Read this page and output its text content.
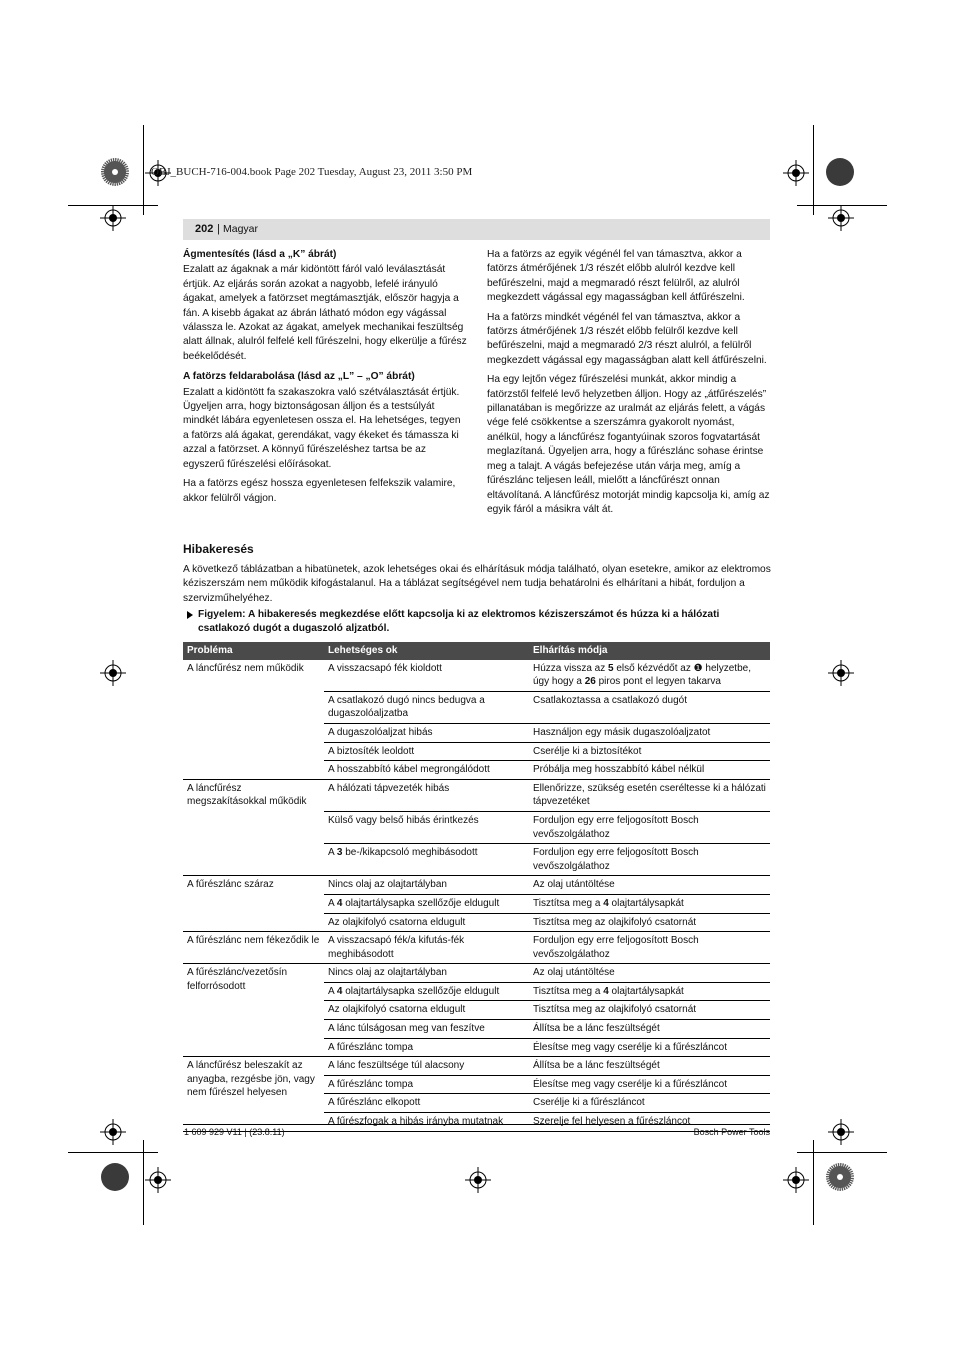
OBJ_BUCH-716-004.book Page 202 Tuesday, August 23, 2011 3:50 PM
202 | Magyar
Ágmentesítés (lásd a „K” ábrát)

Ezalatt az ágaknak a már kidöntött fáról való leválasztását értjük. Az eljárás során azokat a nagyobb, lefelé irányuló ágakat, amelyek a fatörzset megtámasztják, először hagyja a fán. A kisebb ágakat az ábrán látható módon egy vágással válassza le. Azokat az ágakat, amelyek mechanikai feszültség alatt állnak, alulról felfelé kell fűrészelni, hogy elkerülje a fűrész beékelődését.

A fatörzs feldarabolása (lásd az „L” – „O” ábrát)

Ezalatt a kidöntött fa szakaszokra való szétválasztását értjük. Ügyeljen arra, hogy biztonságosan álljon és a testsúlyát mindkét lábára egyenletesen ossza el. Ha lehetséges, tegyen a fatörzs alá ágakat, gerendákat, vagy ékeket és támassza ki azzal a fatörzset. A könnyű fűrészeléshez tartsa be az egyszerű fűrészelési előírásokat.

Ha a fatörzs egész hossza egyenletesen felfekszik valamire, akkor felülről vágjon.

Ha a fatörzs az egyik végénél fel van támasztva, akkor a fatörzs átmérőjének 1/3 részét előbb alulról kezdve kell befűrészelni, majd a megmaradó részt felülről, az alulról megkezdett vágással egy magasságban kell átfűrészelni.

Ha a fatörzs mindkét végénél fel van támasztva, akkor a fatörzs átmérőjének 1/3 részét előbb felülről kezdve kell befűrészelni, majd a megmaradó 2/3 részt alulról, a felülről megkezdett vágással egy magasságban alatt kell átfűrészelni.

Ha egy lejtőn végez fűrészelési munkát, akkor mindig a fatörzstől felfelé levő helyzetben álljon. Hogy az „átfűrészelés” pillanatában is megőrizze az uralmát az eljárás felett, a vágás vége felé csökkentse a szerszámra gyakorolt nyomást, anélkül, hogy a láncfűrész fogantyúinak szoros fogvatartását meglazítaná. Ügyeljen arra, hogy a fűrészlánc sohase érintse meg a talajt. A vágás befejezése után várja meg, amíg a fűrészlánc teljesen leáll, mielőtt a láncfűrészt onnan eltávolítaná. A láncfűrész motorját mindig kapcsolja ki, amíg az egyik fáról a másikra vált át.

Hibakeresés
A következő táblázatban a hibatünetek, azok lehetséges okai és elhárításuk módja található, olyan esetekre, amikor az elektromos kéziszerszám nem működik kifogástalanul. Ha a táblázat segítségével nem tudja behatárolni és elhárítani a hibát, forduljon a szervizműhelyéhez.
Figyelem: A hibakeresés megkezdése előtt kapcsolja ki az elektromos kéziszerszámot és húzza ki a hálózati csatlakozó dugót a dugaszoló aljzatból.
Probléma	Lehetséges ok	Elhárítás módja
A láncfűrész nem működik	A visszacsapó fék kioldott	Húzza vissza az 5 első kézvédőt az ❶ helyzetbe, úgy hogy a 26 piros pont el legyen takarva
	A csatlakozó dugó nincs bedugva a dugaszolóaljzatba	Csatlakoztassa a csatlakozó dugót
	A dugaszolóaljzat hibás	Használjon egy másik dugaszolóaljzatot
	A biztosíték leoldott	Cserélje ki a biztosítékot
	A hosszabbító kábel megrongálódott	Próbálja meg hosszabbító kábel nélkül
A láncfűrész megszakításokkal működik	A hálózati tápvezeték hibás	Ellenőrizze, szükség esetén cseréltesse ki a hálózati tápvezetéket
	Külső vagy belső hibás érintkezés	Forduljon egy erre feljogosított Bosch vevőszolgálathoz
	A 3 be-/kikapcsoló meghibásodott	Forduljon egy erre feljogosított Bosch vevőszolgálathoz
A fűrészlánc száraz	Nincs olaj az olajtartályban	Az olaj utántöltése
	A 4 olajtartálysapka szellőzője eldugult	Tisztítsa meg a 4 olajtartálysapkát
	Az olajkifolyó csatorna eldugult	Tisztítsa meg az olajkifolyó csatornát
A fűrészlánc nem fékeződik le	A visszacsapó fék/a kifutás-fék meghibásodott	Forduljon egy erre feljogosított Bosch vevőszolgálathoz
A fűrészlánc/vezetősín felforrósodott	Nincs olaj az olajtartályban	Az olaj utántöltése
	A 4 olajtartálysapka szellőzője eldugult	Tisztítsa meg a 4 olajtartálysapkát
	Az olajkifolyó csatorna eldugult	Tisztítsa meg az olajkifolyó csatornát
	A lánc túlságosan meg van feszítve	Állítsa be a lánc feszültségét
	A fűrészlánc tompa	Élesítse meg vagy cserélje ki a fűrészláncot
A láncfűrész beleszakít az anyagba, rezgésbe jön, vagy nem fűrészel helyesen	A lánc feszültsége túl alacsony	Állítsa be a lánc feszültségét
	A fűrészlánc tompa	Élesítse meg vagy cserélje ki a fűrészláncot
	A fűrészlánc elkopott	Cserélje ki a fűrészláncot
	A fűrészfogak a hibás irányba mutatnak	Szerelje fel helyesen a fűrészláncot
1 609 929 V11 | (23.8.11)	Bosch Power Tools
